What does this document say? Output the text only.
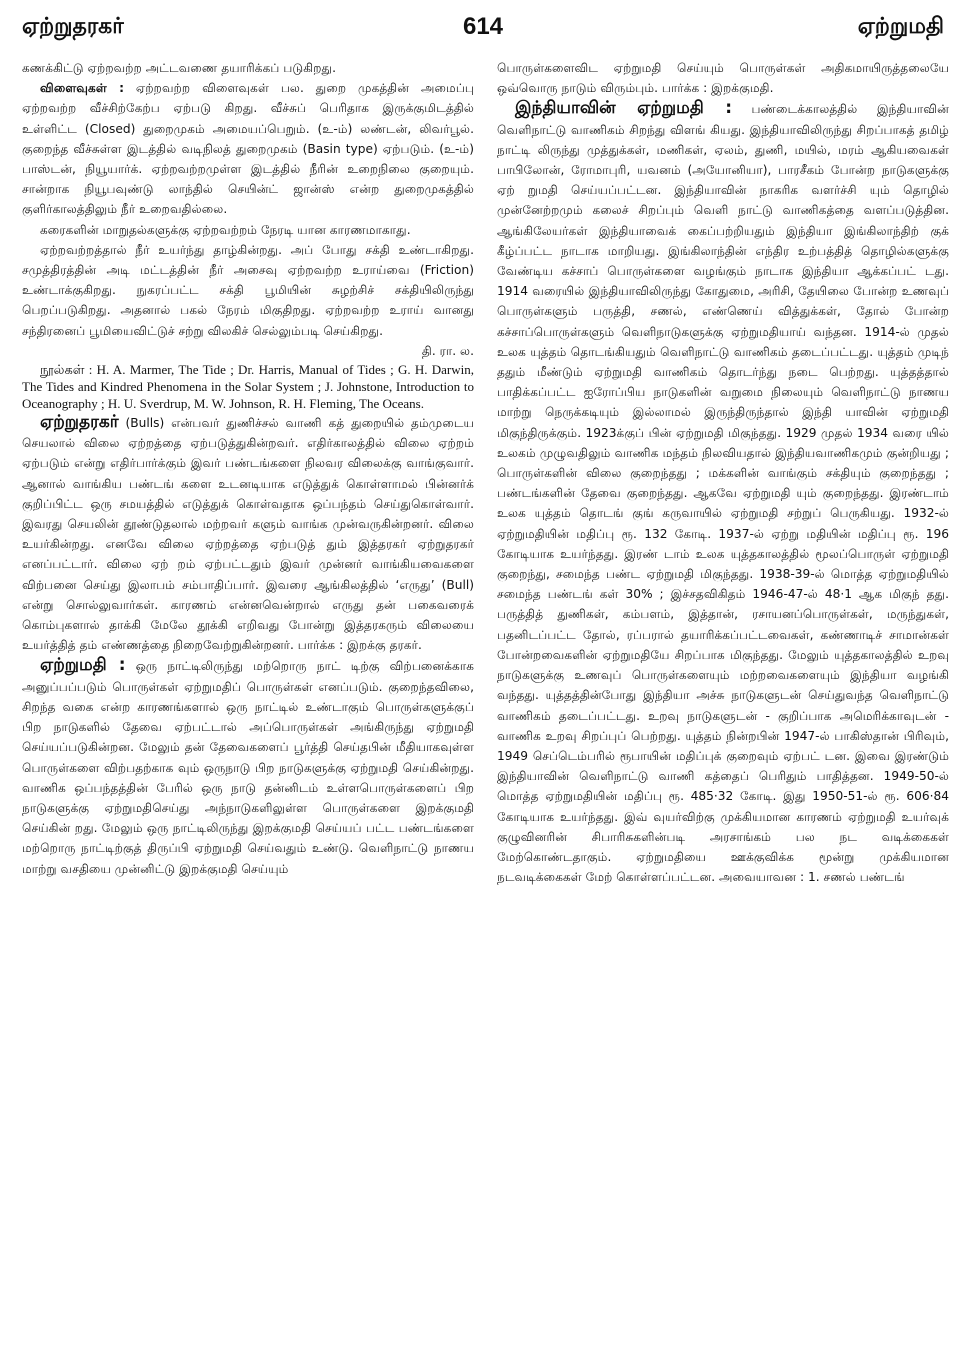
ஏற்றுதரகர்	614	ஏற்றுமதி

கணக்கிட்டு ஏற்றவற்ற அட்டவணை தயாரிக்கப் படுகிறது.

விளைவுகள் : ஏற்றவற்ற விளைவுகள் பல. துறை முகத்தின் அமைப்பு ஏற்றவற்ற வீச்சிற்கேற்ப ஏற்படு கிறது. வீச்சுப் பெரிதாக இருக்குமிடத்தில் உள்ளிட்ட (Closed) துறைமுகம் அமையப்பெறும். (உ-ம்) லண்டன், லிவர்பூல். குறைந்த வீச்சுள்ள இடத்தில் வடிநிலத் துறைமுகம் (Basin type) ஏற்படும். (உ-ம்) பாஸ்டன், நியூயார்க். ஏற்றவற்றமுள்ள இடத்தில் நீரின் உறைநிலை குறையும். சான்றாக நியூபவுண்டு லாந்தில் செயின்ட் ஜான்ஸ் என்ற துறைமுகத்தில் குளிர்காலத்திலும் நீர் உறைவதில்லை.

கரைகளின் மாறுதல்களுக்கு ஏற்றவற்றம் நேரடி யான காரணமாகாது.

ஏற்றவற்றத்தால் நீர் உயர்ந்து தாழ்கின்றது. அப் போது சக்தி உண்டாகிறது. சமுத்திரத்தின் அடி மட்டத்தின் நீர் அசைவு ஏற்றவற்ற உராய்வை (Friction) உண்டாக்குகிறது. நுகரப்பட்ட சக்தி பூமியின் சுழற்சிச் சக்தியிலிருந்து பெறப்படுகிறது. அதனால் பகல் நேரம் மிகுதிறது. ஏற்றவற்ற உராய் வானது சந்திரனைப் பூமியைவிட்டுச் சற்று விலகிச் செல்லும்படி செய்கிறது.
தி. ரா. ல.

நூல்கள் : H. A. Marmer, The Tide ; Dr. Harris, Manual of Tides ; G. H. Darwin, The Tides and Kindred Phenomena in the Solar System ; J. Johnstone, Introduction to Oceanography ; H. U. Sverdrup, M. W. Johnson, R. H. Fleming, The Oceans.

ஏற்றுதரகர் (Bulls) என்பவர் துணிச்சல் வாணி கத் துறையில் தம்முடைய செயலால் விலை ஏற்றத்தை ஏற்படுத்துகின்றவர். எதிர்காலத்தில் விலை ஏற்றம் ஏற்படும் என்று எதிர்பார்க்கும் இவர் பண்டங்களை நிலவர விலைக்கு வாங்குவார். ஆனால் வாங்கிய பண்டங் களை உடனடியாக எடுத்துக் கொள்ளாமல் பின்னர்க் குறிப்பிட்ட ஒரு சமயத்தில் எடுத்துக் கொள்வதாக ஒப்பந்தம் செய்துகொள்வார். இவரது செயலின் தூண்டுதலால் மற்றவர் களும் வாங்க முன்வருகின்றனர். விலை உயர்கின்றது. எனவே விலை ஏற்றத்தை ஏற்படுத் தும் இத்தரகர் ஏற்றுதரகர் எனப்பட்டார். விலை ஏற் றம் ஏற்பட்டதும் இவர் முன்னர் வாங்கியவைகளை விற்பனை செய்து இலாபம் சம்பாதிப்பார். இவரை ஆங்கிலத்தில் ‘எருது’ (Bull) என்று சொல்லுவார்கள். காரணம் என்னவென்றால் எருது தன் பகைவரைக் கொம்புகளால் தாக்கி மேலே தூக்கி எறிவது போன்று இத்தரகரும் விலையை உயர்த்தித் தம் எண்ணத்தை நிறைவேற்றுகின்றனர். பார்க்க : இறக்கு தரகர்.

ஏற்றுமதி : ஒரு நாட்டிலிருந்து மற்றொரு நாட் டிற்கு விற்பனைக்காக அனுப்பப்படும் பொருள்கள் ஏற்றுமதிப் பொருள்கள் எனப்படும். குறைந்தவிலை, சிறந்த வகை என்ற காரணங்களால் ஒரு நாட்டில் உண்டாகும் பொருள்களுக்குப் பிற நாடுகளில் தேவை ஏற்பட்டால் அப்பொருள்கள் அங்கிருந்து ஏற்றுமதி செய்யப்படுகின்றன. மேலும் தன் தேவைகளைப் பூர்த்தி செய்தபின் மீதியாகவுள்ள பொருள்களை விற்பதற்காக வும் ஒருநாடு பிற நாடுகளுக்கு ஏற்றுமதி செய்கின்றது. வாணிக ஒப்பந்தத்தின் பேரில் ஒரு நாடு தன்னிடம் உள்ளபொருள்களைப் பிற நாடுகளுக்கு ஏற்றுமதிசெய்து அந்நாடுகளிலுள்ள பொருள்களை இறக்குமதி செய்கின் றது. மேலும் ஒரு நாட்டிலிருந்து இறக்குமதி செய்யப் பட்ட பண்டங்களை மற்றொரு நாட்டிற்குத் திருப்பி ஏற்றுமதி செய்வதும் உண்டு. வெளிநாட்டு நாணய மாற்று வசதியை முன்னிட்டு இறக்குமதி செய்யும்

பொருள்களைவிட ஏற்றுமதி செய்யும் பொருள்கள் அதிகமாயிருத்தலையே ஒவ்வொரு நாடும் விரும்பும். பார்க்க : இறக்குமதி.

இந்தியாவின் ஏற்றுமதி : பண்டைக்காலத்தில் இந்தியாவின் வெளிநாட்டு வாணிகம் சிறந்து விளங் கியது. இந்தியாவிலிருந்து சிறப்பாகத் தமிழ் நாட்டி லிருந்து முத்துக்கள், மணிகள், ஏலம், துணி, மயில், மரம் ஆகியவைகள் பாபிலோன், ரோமாபுரி, யவனம் (அயோனியா), பாரசீகம் போன்ற நாடுகளுக்கு ஏற் றுமதி செய்யப்பட்டன. இந்தியாவின் நாகரிக வளர்ச்சி யும் தொழில் முன்னேற்றமும் கலைச் சிறப்பும் வெளி நாட்டு வாணிகத்தை வளப்படுத்தின. ஆங்கிலேயர்கள் இந்தியாவைக் கைப்பற்றியதும் இந்தியா இங்கிலாந்திற் குக் கீழ்ப்பட்ட நாடாக மாறியது. இங்கிலாந்தின் எந்திர உற்பத்தித் தொழில்களுக்கு வேண்டிய கச்சாப் பொருள்களை வழங்கும் நாடாக இந்தியா ஆக்கப்பட் டது. 1914 வரையில் இந்தியாவிலிருந்து கோதுமை, அரிசி, தேயிலை போன்ற உணவுப் பொருள்களும் பருத்தி, சணல், எண்ணெய் வித்துக்கள், தோல் போன்ற கச்சாப்பொருள்களும் வெளிநாடுகளுக்கு ஏற்றுமதியாய் வந்தன. 1914-ல் முதல் உலக யுத்தம் தொடங்கியதும் வெளிநாட்டு வாணிகம் தடைப்பட்டது. யுத்தம் முடிந் ததும் மீண்டும் ஏற்றுமதி வாணிகம் தொடர்ந்து நடை பெற்றது. யுத்தத்தால் பாதிக்கப்பட்ட ஐரோப்பிய நாடுகளின் வறுமை நிலையும் வெளிநாட்டு நாணய மாற்று நெருக்கடியும் இல்லாமல் இருந்திருந்தால் இந்தி யாவின் ஏற்றுமதி மிகுந்திருக்கும். 1923க்குப் பின் ஏற்றுமதி மிகுந்தது. 1929 முதல் 1934 வரை யில் உலகம் முழுவதிலும் வாணிக மந்தம் நிலவியதால் இந்தியவாணிகமும் குன்றியது ; பொருள்களின் விலை குறைந்தது ; மக்களின் வாங்கும் சக்தியும் குறைந்தது ; பண்டங்களின் தேவை குறைந்தது. ஆகவே ஏற்றுமதி யும் குறைந்தது. இரண்டாம் உலக யுத்தம் தொடங் குங் கருவாயில் ஏற்றுமதி சற்றுப் பெருகியது. 1932-ல் ஏற்றுமதியின் மதிப்பு ரூ. 132 கோடி. 1937-ல் ஏற்று மதியின் மதிப்பு ரூ. 196 கோடியாக உயர்ந்தது. இரண் டாம் உலக யுத்தகாலத்தில் மூலப்பொருள் ஏற்றுமதி குறைந்து, சமைந்த பண்ட ஏற்றுமதி மிகுந்தது. 1938-39-ல் மொத்த ஏற்றுமதியில் சமைந்த பண்டங் கள் 30% ; இச்சதவிகிதம் 1946-47-ல் 48·1 ஆக மிகுந் தது. பருத்தித் துணிகள், கம்பளம், இத்தான், ரசாயனப்பொருள்கள், மருந்துகள், பதனிடப்பட்ட தோல், ரப்பரால் தயாரிக்கப்பட்டவைகள், கண்ணாடிச் சாமான்கள் போன்றவைகளின் ஏற்றுமதியே சிறப்பாக மிகுந்தது. மேலும் யுத்தகாலத்தில் உறவு நாடுகளுக்கு உணவுப் பொருள்களையும் மற்றவைகளையும் இந்தியா வழங்கி வந்தது. யுத்தத்தின்போது இந்தியா அச்சு நாடுகளுடன் செய்துவந்த வெளிநாட்டு வாணிகம் தடைப்பட்டது. உறவு நாடுகளுடன் - குறிப்பாக அமெரிக்காவுடன் - வாணிக உறவு சிறப்புப் பெற்றது. யுத்தம் நின்றபின் 1947-ல் பாகிஸ்தான் பிரிவும், 1949 செப்டெம்பரில் ரூபாயின் மதிப்புக் குறைவும் ஏற்பட் டன. இவை இரண்டும் இந்தியாவின் வெளிநாட்டு வாணி கத்தைப் பெரிதும் பாதித்தன. 1949-50-ல் மொத்த ஏற்றுமதியின் மதிப்பு ரூ. 485·32 கோடி. இது 1950-51-ல் ரூ. 606·84 கோடியாக உயர்ந்தது. இவ் வுயர்விற்கு முக்கியமான காரணம் ஏற்றுமதி உயர்வுக் குழுவினரின் சிபாரிசுகளின்படி அரசாங்கம் பல நட வடிக்கைகள் மேற்கொண்டதாகும். ஏற்றுமதியை ஊக்குவிக்க மூன்று முக்கியமான நடவடிக்கைகள் மேற் கொள்ளப்பட்டன. அவையாவன : 1. சணல் பண்டங்
